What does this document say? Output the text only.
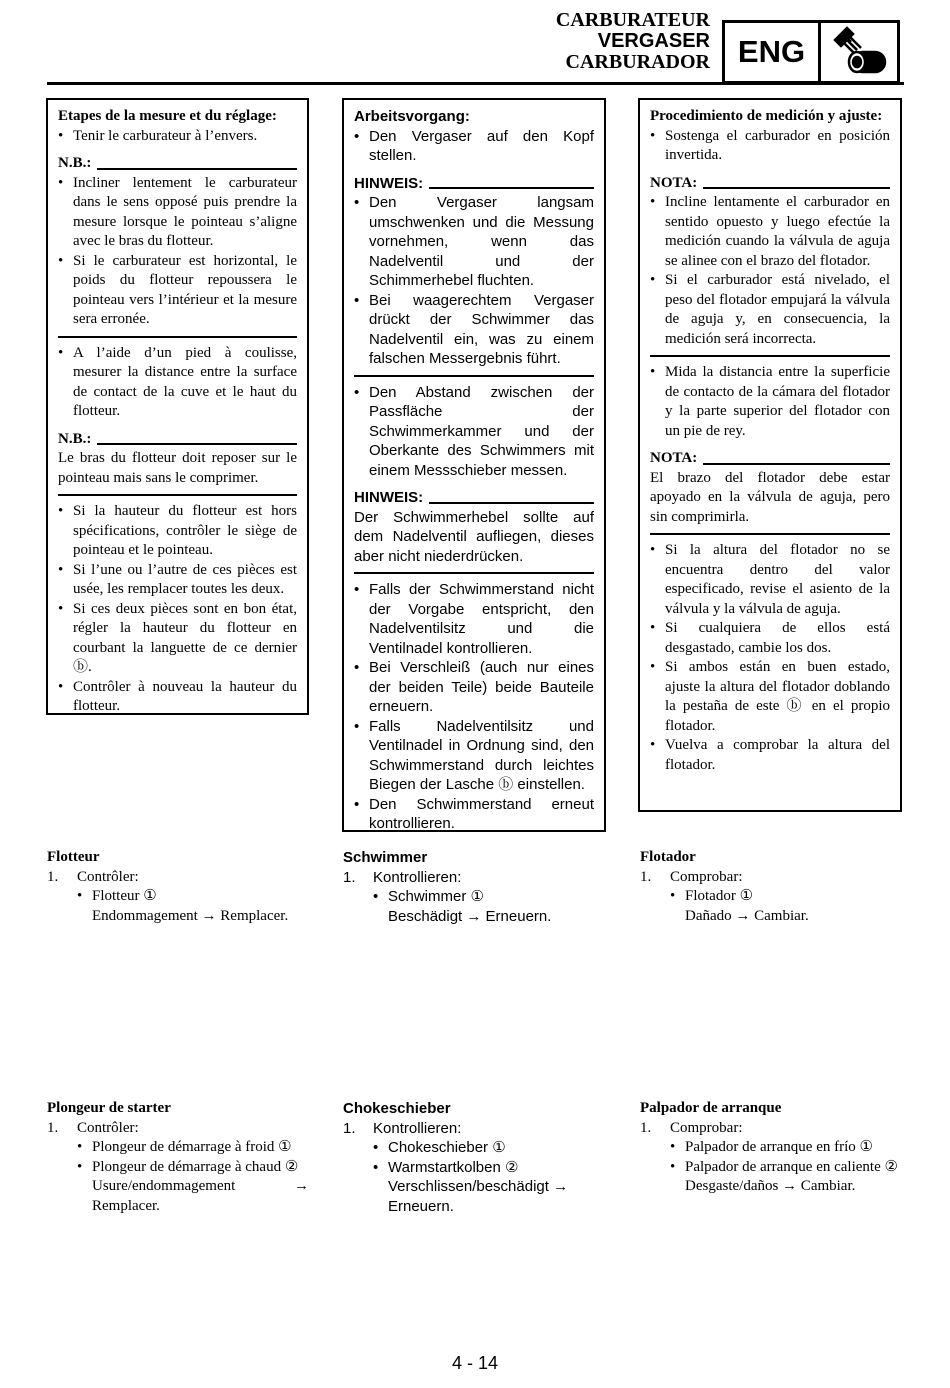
CARBURATEUR
VERGASER
CARBURADOR ENG

Etapes de la mesure et du réglage:

• Tenir le carburateur à l’envers.

N.B.:

• Incliner lentement le carburateur dans le sens opposé puis prendre la mesure lorsque le pointeau s’aligne avec le bras du flotteur.

• Si le carburateur est horizontal, le poids du flotteur repoussera le pointeau vers l’intérieur et la mesure sera erronée.

• A l’aide d’un pied à coulisse, mesurer la distance entre la surface de contact de la cuve et le haut du flotteur.

N.B.:

Le bras du flotteur doit reposer sur le pointeau mais sans le comprimer.

• Si la hauteur du flotteur est hors spécifications, contrôler le siège de pointeau et le pointeau.

• Si l’une ou l’autre de ces pièces est usée, les remplacer toutes les deux.

• Si ces deux pièces sont en bon état, régler la hauteur du flotteur en courbant la languette de ce dernier ⓑ.

• Contrôler à nouveau la hauteur du flotteur.

Arbeitsvorgang:

• Den Vergaser auf den Kopf stellen.

HINWEIS:

• Den Vergaser langsam umschwenken und die Messung vornehmen, wenn das Nadelventil und der Schimmerhebel fluchten.

• Bei waagerechtem Vergaser drückt der Schwimmer das Nadelventil ein, was zu einem falschen Messergebnis führt.

• Den Abstand zwischen der Passfläche der Schwimmerkammer und der Oberkante des Schwimmers mit einem Messschieber messen.

HINWEIS:

Der Schwimmerhebel sollte auf dem Nadelventil aufliegen, dieses aber nicht niederdrücken.

• Falls der Schwimmerstand nicht der Vorgabe entspricht, den Nadelventilsitz und die Ventilnadel kontrollieren.

• Bei Verschleiß (auch nur eines der beiden Teile) beide Bauteile erneuern.

• Falls Nadelventilsitz und Ventilnadel in Ordnung sind, den Schwimmerstand durch leichtes Biegen der Lasche ⓑ einstellen.

• Den Schwimmerstand erneut kontrollieren.

Procedimiento de medición y ajuste:

• Sostenga el carburador en posición invertida.

NOTA:

• Incline lentamente el carburador en sentido opuesto y luego efectúe la medición cuando la válvula de aguja se alinee con el brazo del flotador.

• Si el carburador está nivelado, el peso del flotador empujará la válvula de aguja y, en consecuencia, la medición será incorrecta.

• Mida la distancia entre la superficie de contacto de la cámara del flotador y la parte superior del flotador con un pie de rey.

NOTA:

El brazo del flotador debe estar apoyado en la válvula de aguja, pero sin comprimirla.

• Si la altura del flotador no se encuentra dentro del valor especificado, revise el asiento de la válvula y la válvula de aguja.

• Si cualquiera de ellos está desgastado, cambie los dos.

• Si ambos están en buen estado, ajuste la altura del flotador doblando la pestaña de este ⓑ en el propio flotador.

• Vuelva a comprobar la altura del flotador.

Flotteur
1. Contrôler:
• Flotteur ①
Endommagement → Remplacer.
Schwimmer
1. Kontrollieren:
• Schwimmer ①
Beschädigt → Erneuern.
Flotador
1. Comprobar:
• Flotador ①
Dañado → Cambiar.
Plongeur de starter
1. Contrôler:
• Plongeur de démarrage à froid ①
• Plongeur de démarrage à chaud ②
Usure/endommagement → Remplacer.
Chokeschieber
1. Kontrollieren:
• Chokeschieber ①
• Warmstartkolben ②
Verschlissen/beschädigt → Erneuern.
Palpador de arranque
1. Comprobar:
• Palpador de arranque en frío ①
• Palpador de arranque en caliente ②
Desgaste/daños → Cambiar.
4 - 14
